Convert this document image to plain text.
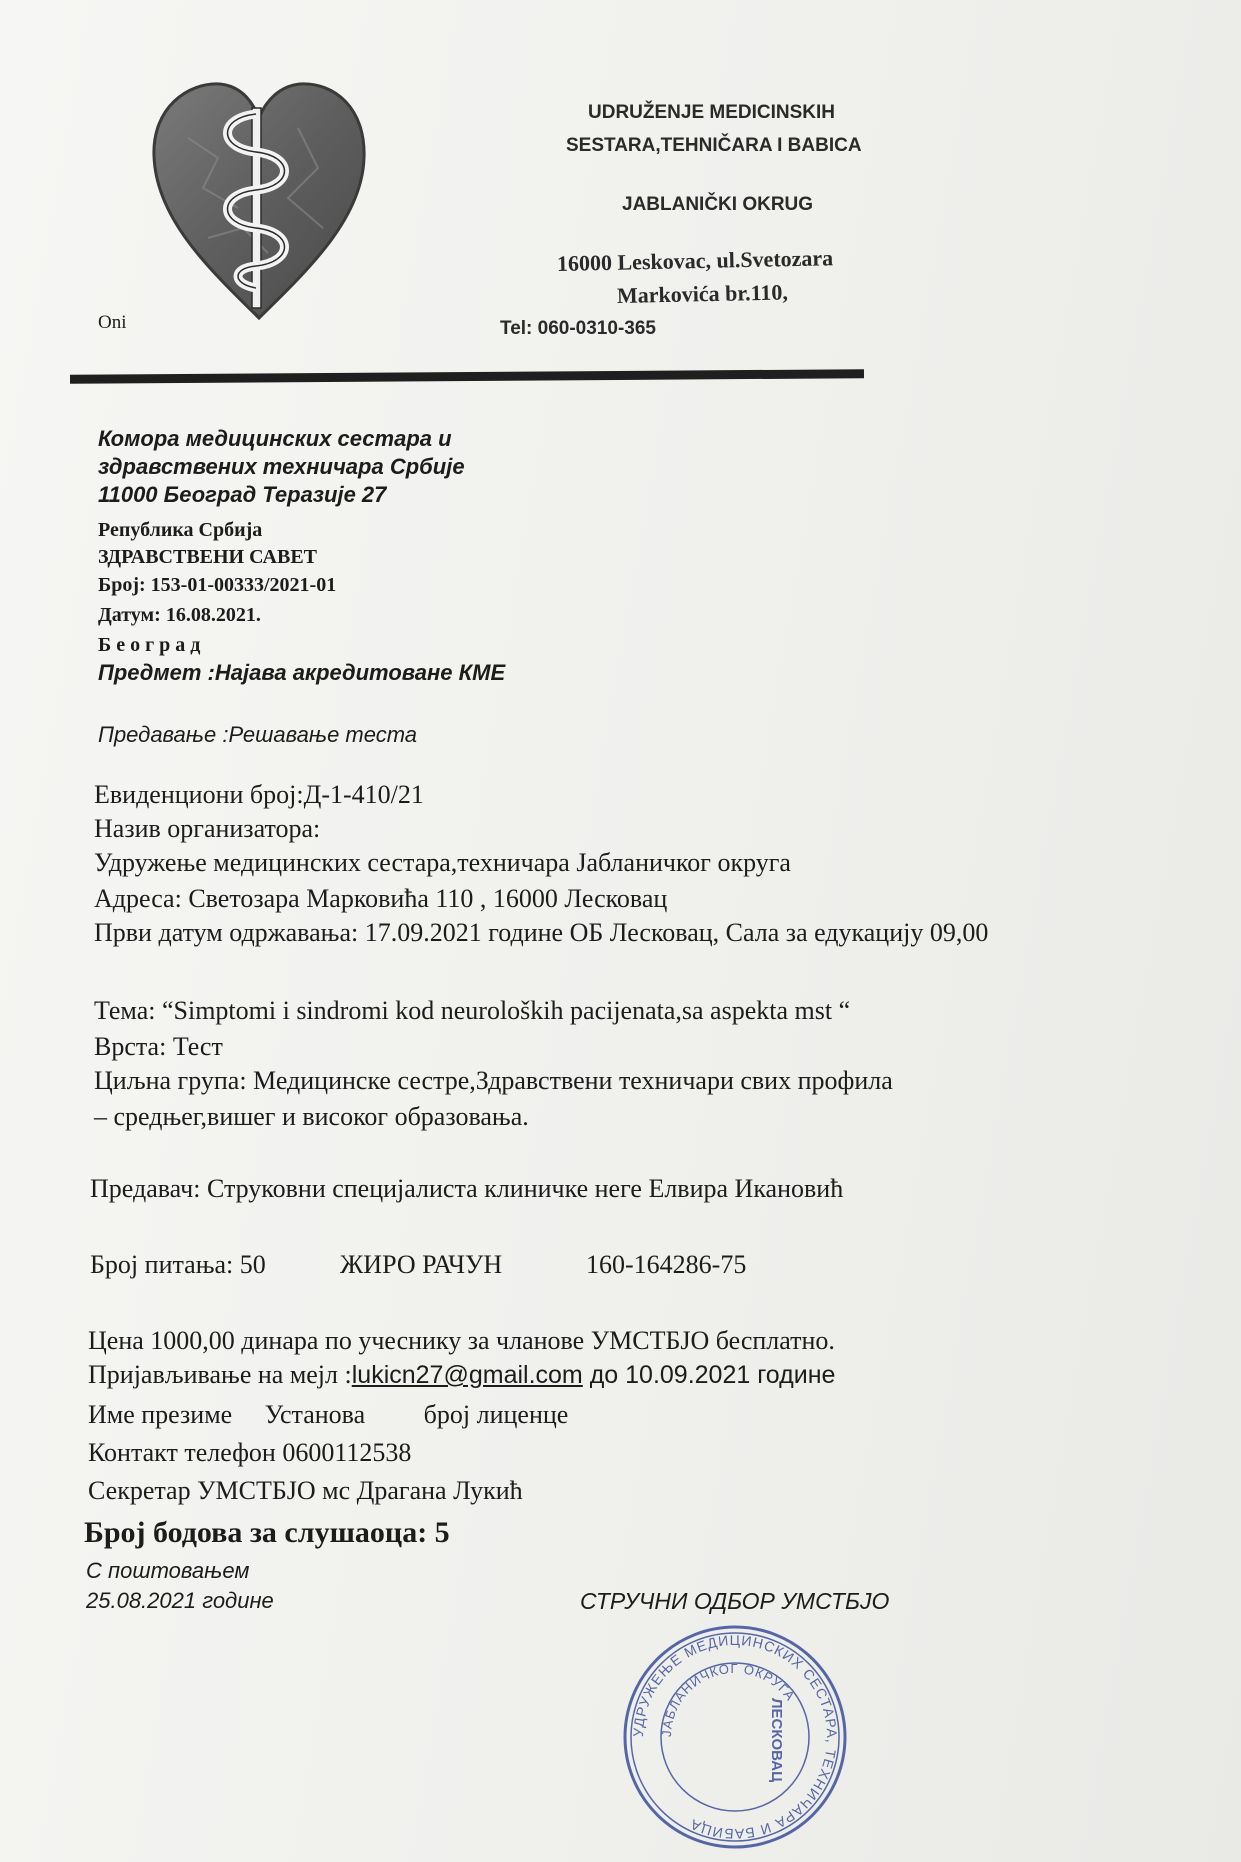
Oni
UDRUŽENJE MEDICINSKIH
SESTARA,TEHNIČARA I BABICA
JABLANIČKI OKRUG
16000 Leskovac, ul.Svetozara
Markovića br.110,
Tel: 060-0310-365
Комора медицинских сестара и
здравствених техничара Србије
11000 Београд Теразије 27
Република Србија
ЗДРАВСТВЕНИ САВЕТ
Број: 153-01-00333/2021-01
Датум: 16.08.2021.
Б е о г р а д
Предмет :Најава акредитоване КМЕ
Предавање :Решавање теста
Евиденциони број:Д-1-410/21
Назив организатора:
Удружење медицинских сестара,техничара Јабланичког округа
Адреса: Светозара Марковића 110 , 16000 Лесковац
Први датум одржавања: 17.09.2021 године ОБ Лесковац, Сала за едукацију 09,00
Тема: “Simptomi i sindromi kod neuroloških pacijenata,sa aspekta mst “
Врста: Тест
Циљна група: Медицинске сестре,Здравствени техничари свих профила
– средњег,вишег и високог образовања.
Предавач: Струковни специјалиста клиничке неге Елвира Икановић
Број питања: 50	ЖИРО РАЧУН	160-164286-75
Цена 1000,00 динара по учеснику за чланове УМСТБЈО бесплатно.
Пријављивање на мејл :lukicn27@gmail.com до 10.09.2021 године
Име презиме     Установа         број лиценце
Контакт телефон 0600112538
Секретар УМСТБЈО мс Драгана Лукић
Број бодова за слушаоца: 5
С поштовањем
25.08.2021 године	СТРУЧНИ ОДБОР УМСТБЈО
УДРУЖЕЊЕ МЕДИЦИНСКИХ СЕСТАРА, ТЕХНИЧАРА И БАБИЦА
ЈАБЛАНИЧКОГ ОКРУГА
ЛЕСКОВАЦ
